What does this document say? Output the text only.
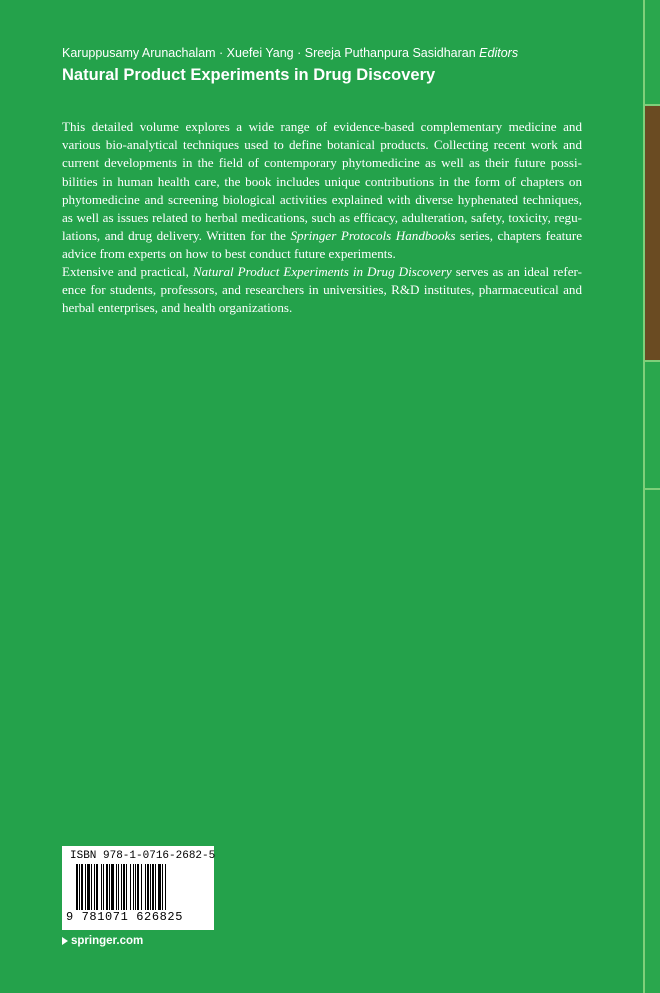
Karuppusamy Arunachalam · Xuefei Yang · Sreeja Puthanpura Sasidharan Editors
Natural Product Experiments in Drug Discovery

This detailed volume explores a wide range of evidence-based complementary medicine and
various bio-analytical techniques used to define botanical products. Collecting recent work and
current developments in the field of contemporary phytomedicine as well as their future possi-
bilities in human health care, the book includes unique contributions in the form of chapters on
phytomedicine and screening biological activities explained with diverse hyphenated techniques,
as well as issues related to herbal medications, such as efficacy, adulteration, safety, toxicity, regu-
lations, and drug delivery. Written for the Springer Protocols Handbooks series, chapters feature
advice from experts on how to best conduct future experiments.

Extensive and practical, Natural Product Experiments in Drug Discovery serves as an ideal refer-
ence for students, professors, and researchers in universities, R&D institutes, pharmaceutical and
herbal enterprises, and health organizations.

ISBN 978-1-0716-2682-5
9 781071 626825
springer.com
